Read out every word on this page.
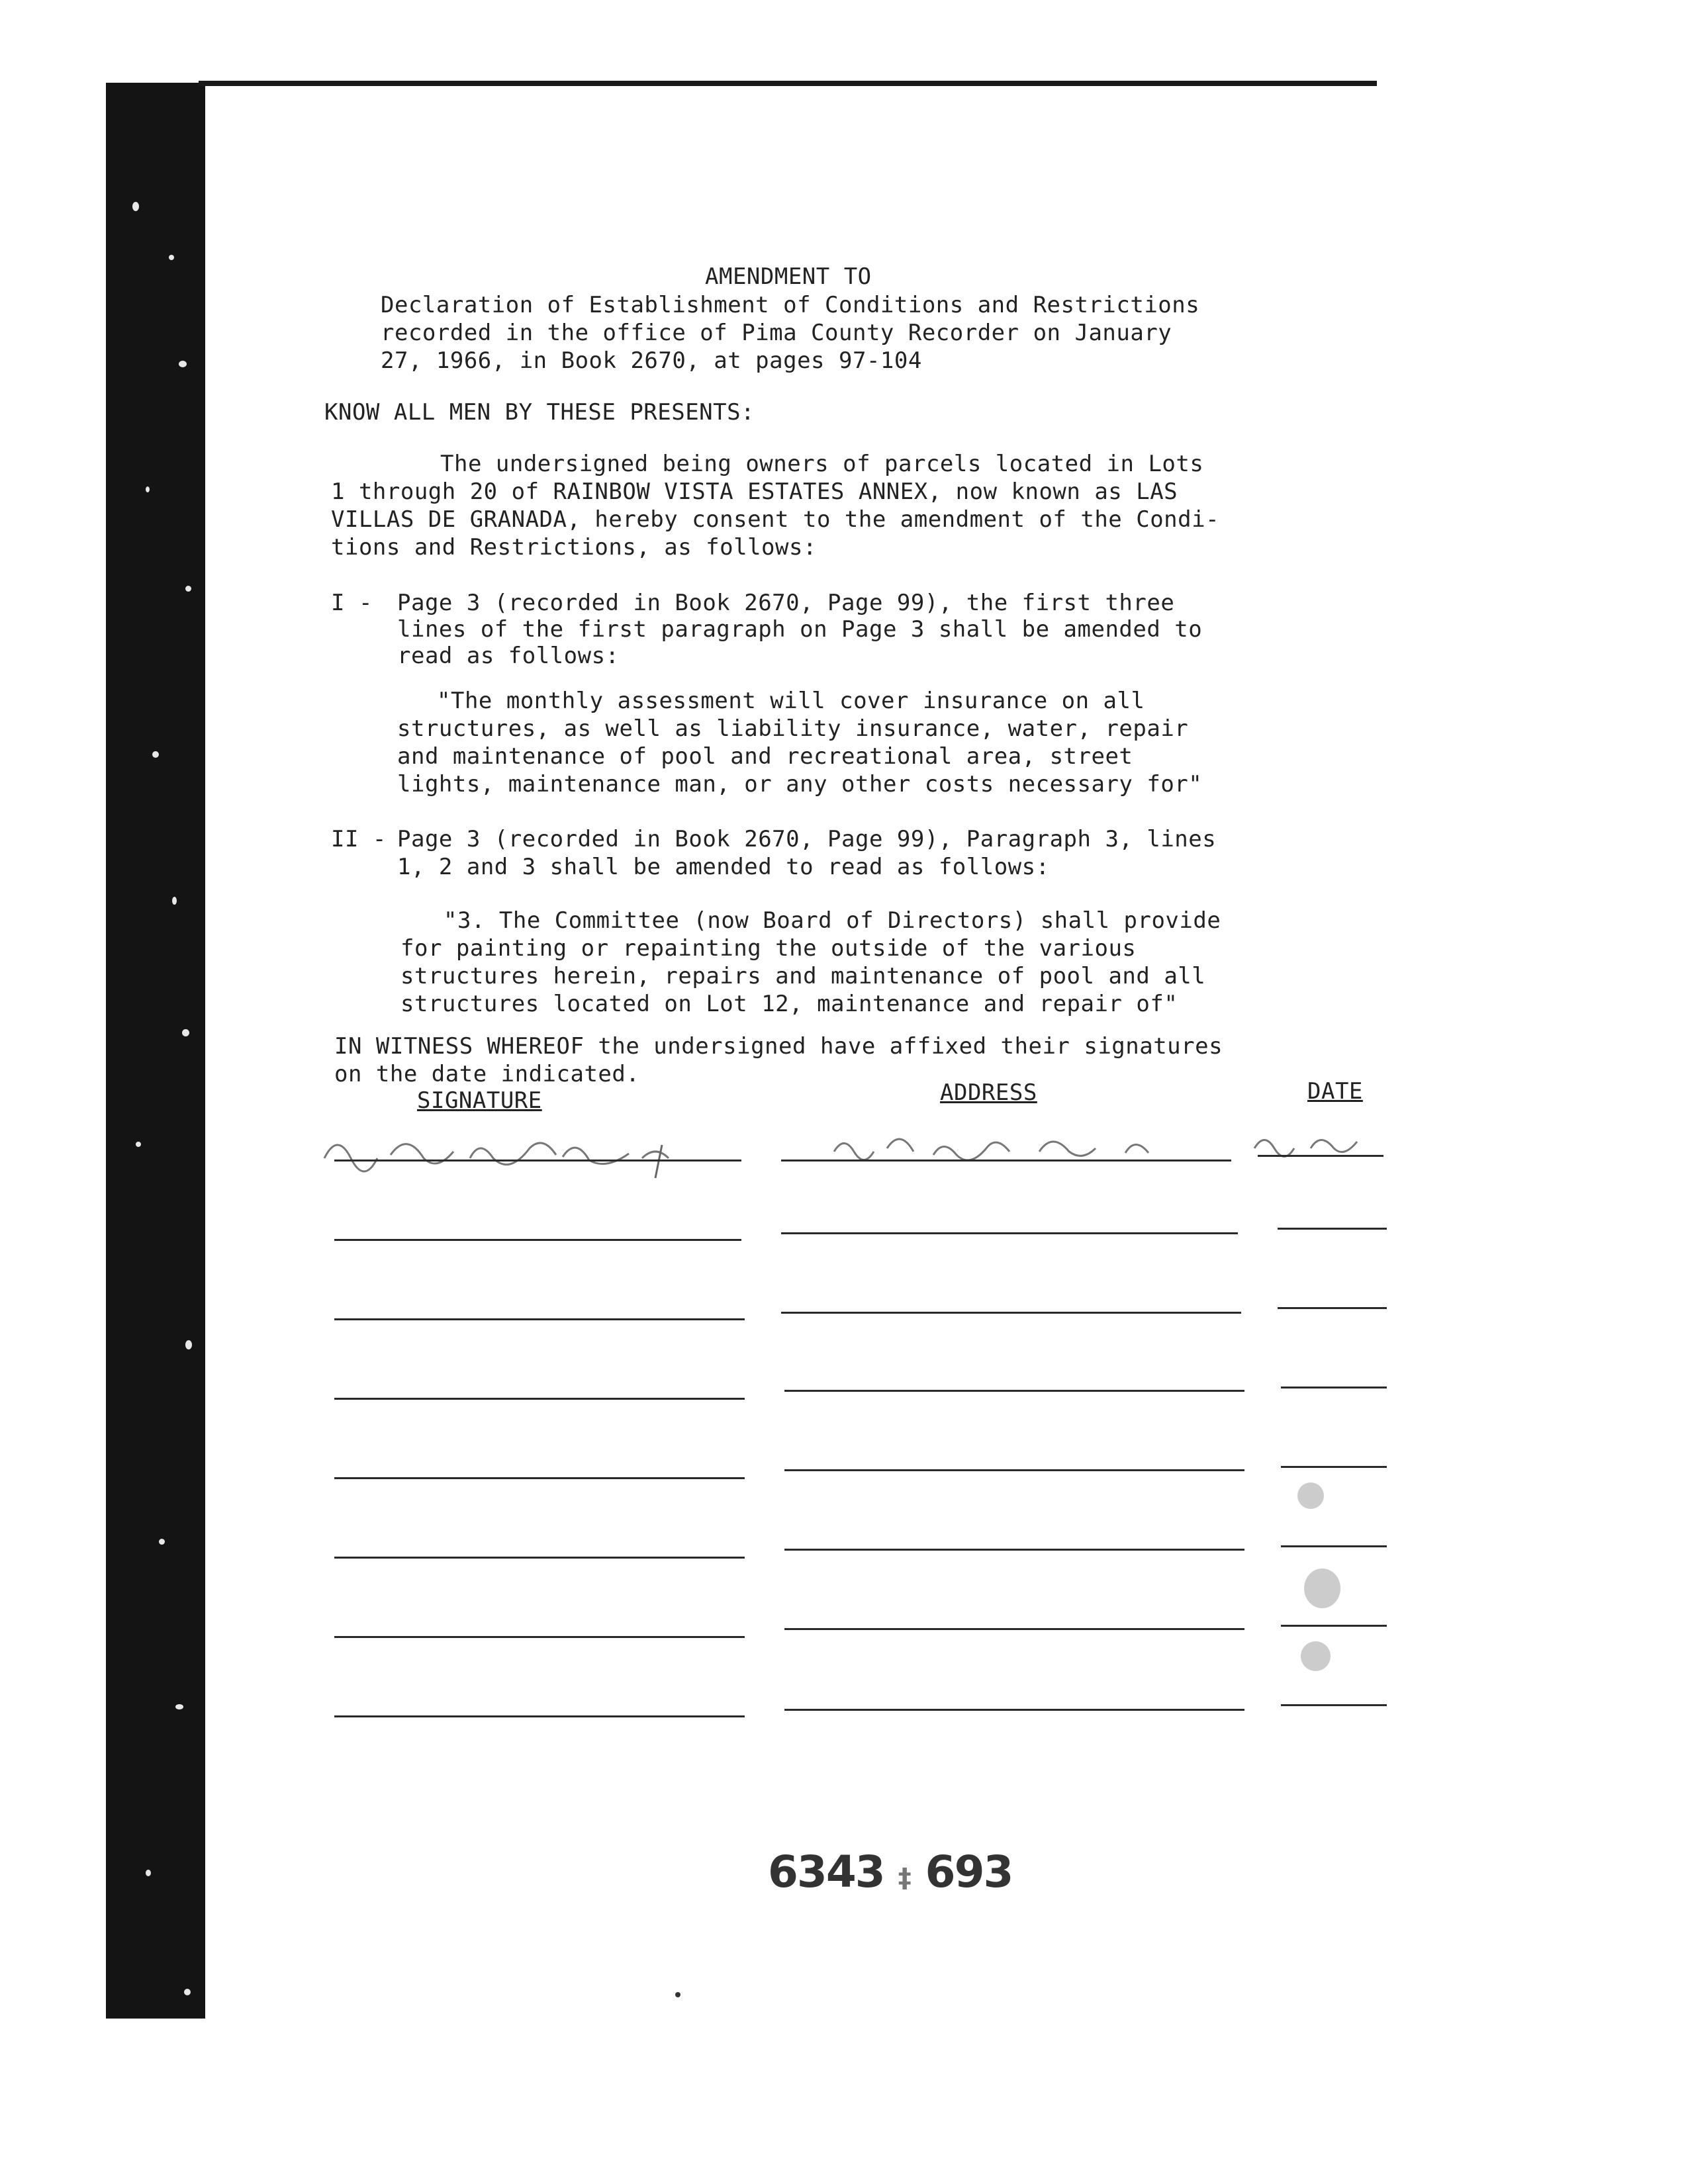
AMENDMENT TO
Declaration of Establishment of Conditions and Restrictions
recorded in the office of Pima County Recorder on January
27, 1966, in Book 2670, at pages 97-104
KNOW ALL MEN BY THESE PRESENTS:
The undersigned being owners of parcels located in Lots
1 through 20 of RAINBOW VISTA ESTATES ANNEX, now known as LAS
VILLAS DE GRANADA, hereby consent to the amendment of the Condi-
tions and Restrictions, as follows:
I - Page 3 (recorded in Book 2670, Page 99), the first three
lines of the first paragraph on Page 3 shall be amended to
read as follows:
"The monthly assessment will cover insurance on all
structures, as well as liability insurance, water, repair
and maintenance of pool and recreational area, street
lights, maintenance man, or any other costs necessary for"
II - Page 3 (recorded in Book 2670, Page 99), Paragraph 3, lines
1, 2 and 3 shall be amended to read as follows:
"3. The Committee (now Board of Directors) shall provide
for painting or repainting the outside of the various
structures herein, repairs and maintenance of pool and all
structures located on Lot 12, maintenance and repair of"
IN WITNESS WHEREOF the undersigned have affixed their signatures
on the date indicated.
SIGNATURE	ADDRESS	DATE
6343 ‡ 693
